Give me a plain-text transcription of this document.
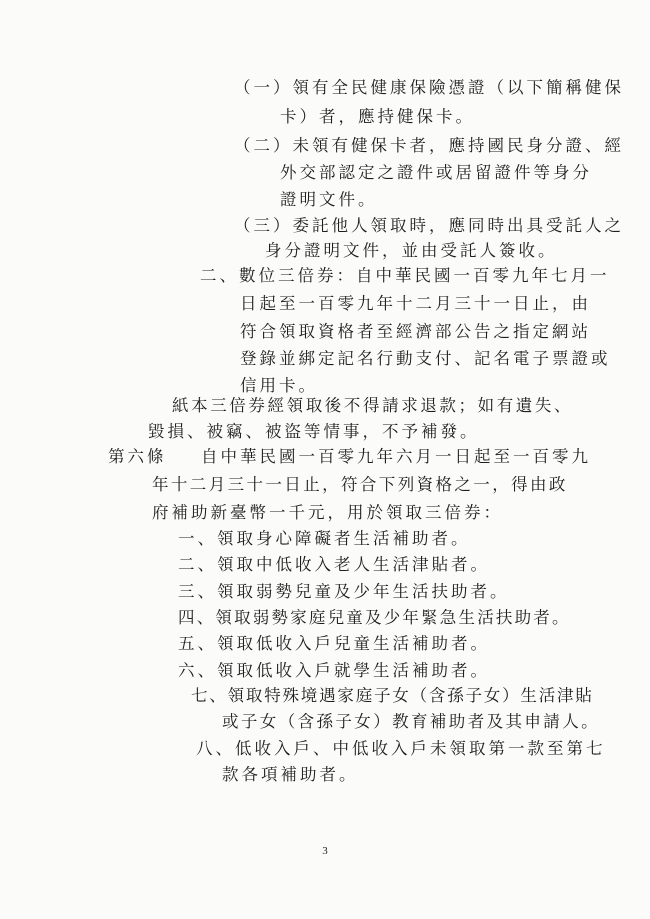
（一）領有全民健康保險憑證（以下簡稱健保
卡）者，應持健保卡。
（二）未領有健保卡者，應持國民身分證、經
外交部認定之證件或居留證件等身分
證明文件。
（三）委託他人領取時，應同時出具受託人之
身分證明文件，並由受託人簽收。
二、數位三倍券：自中華民國一百零九年七月一
日起至一百零九年十二月三十一日止，由
符合領取資格者至經濟部公告之指定網站
登錄並綁定記名行動支付、記名電子票證或
信用卡。
紙本三倍券經領取後不得請求退款；如有遺失、
毀損、被竊、被盜等情事，不予補發。
第六條 自中華民國一百零九年六月一日起至一百零九
年十二月三十一日止，符合下列資格之一，得由政
府補助新臺幣一千元，用於領取三倍券：
一、領取身心障礙者生活補助者。
二、領取中低收入老人生活津貼者。
三、領取弱勢兒童及少年生活扶助者。
四、領取弱勢家庭兒童及少年緊急生活扶助者。
五、領取低收入戶兒童生活補助者。
六、領取低收入戶就學生活補助者。
七、領取特殊境遇家庭子女（含孫子女）生活津貼
或子女（含孫子女）教育補助者及其申請人。
八、低收入戶、中低收入戶未領取第一款至第七
款各項補助者。
3
